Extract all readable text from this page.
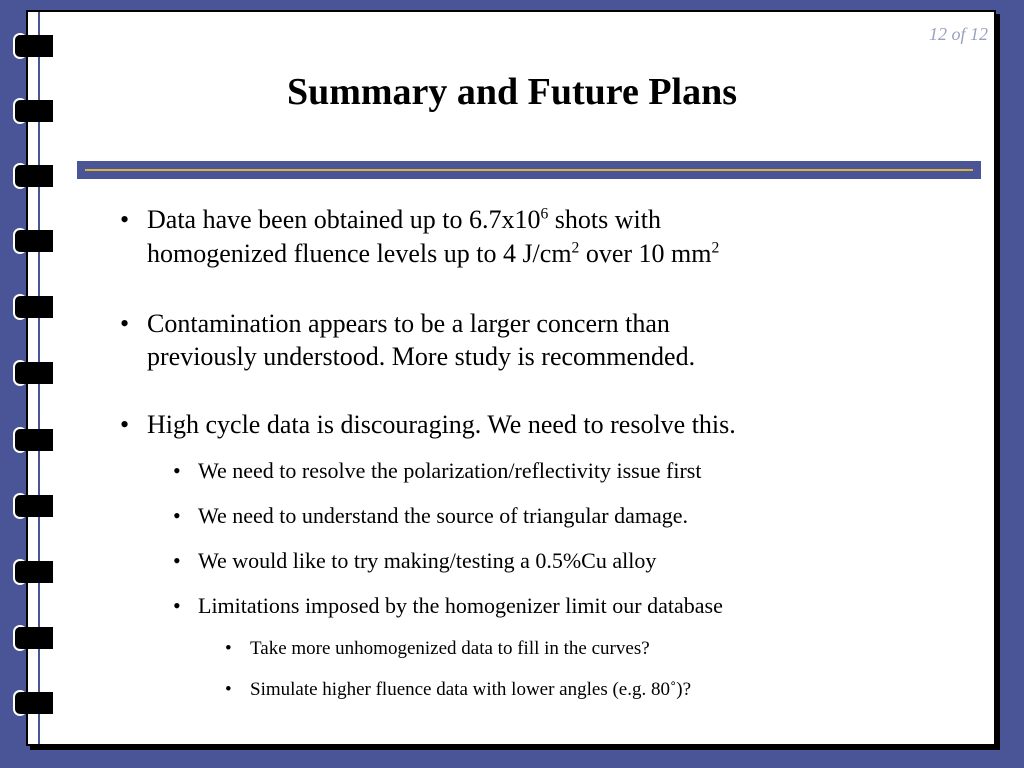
12 of 12
Summary and Future Plans
• Data have been obtained up to $6.7x10^6$ shots with
homogenized fluence levels up to 4 $J/cm^2$ over 10 $mm^2$
• Contamination appears to be a larger concern than
previously understood. More study is recommended.
• High cycle data is discouraging. We need to resolve this.
• We need to resolve the polarization/reflectivity issue first
• We need to understand the source of triangular damage.
• We would like to try making/testing a 0.5%Cu alloy
• Limitations imposed by the homogenizer limit our database
• Take more unhomogenized data to fill in the curves?
• Simulate higher fluence data with lower angles (e.g. 80˚)?
